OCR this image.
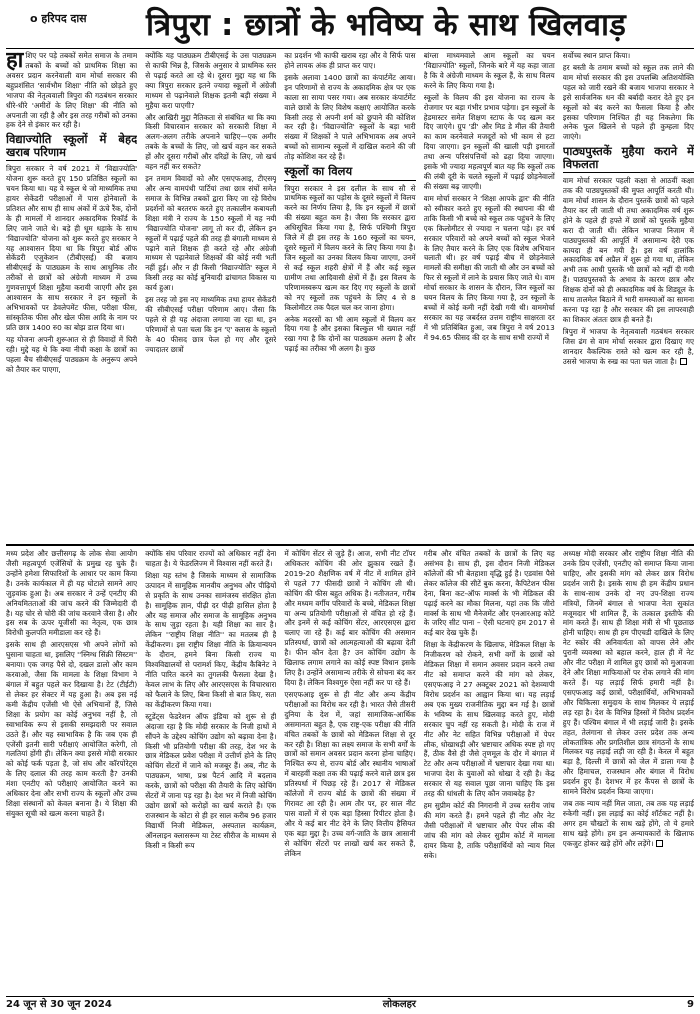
ο हरिपद दास	त्रिपुरा : छात्रों के भविष्य के साथ खिलवाड़
हा शिए पर पड़े तबकों समेत समाज के तमाम तबकों के बच्चों को प्राथमिक शिक्षा का अवसर प्रदान करनेवाली वाम मोर्चा सरकार की बहुप्रशंसित 'सार्वभौम शिक्षा' नीति को छोड़ते हुए भाजपा की नेतृत्ववाली त्रिपुरा की गठबंधन सरकार धीरे-धीरे 'अमीरों के लिए शिक्षा' की नीति को अपनाती जा रही है और इस तरह गरीबों को उनका हक देने से इंकार कर रही है।

विद्याज्योति स्कूलों में बेहद खराब परिणाम

त्रिपुरा सरकार ने वर्ष 2021 में 'विद्याज्योति' योजना शुरू करते हुए 150 प्रतिष्ठित स्कूलों का चयन किया था। यह वे स्कूल थे जो माध्यमिक तथा हायर सेकेंडरी परीक्षाओं में पास होनेवालों के प्रतिशत और साथ ही साथ अंकों में ऊंचे रैंक, दोनों के ही मामलों में शानदार अकादमिक रिकॉर्ड के लिए जाने जाते थे। बड़े ही धूम धड़ाके के साथ 'विद्याज्योति' योजना को शुरू करते हुए सरकार ने यह आश्वासन दिया था कि त्रिपुरा बोर्ड ऑफ सेकेंडरी एजुकेशन (टीबीएसई) की बजाय सीबीएसई के पाठ्यक्रम के साथ आधुनिक तौर तरीकों से छात्रों को अंग्रेजी माध्यम में उच्च गुणवत्तापूर्ण शिक्षा मुहैया करायी जाएगी और इस आश्वासन के साथ सरकार ने इन स्कूलों के अभिभावकों पर डेवलेपमेंट फीस, परीक्षा फीस, सांस्कृतिक फीस और खेल फीस आदि के नाम पर प्रति छात्र 1400 रु0 का बोझ डाल दिया था।

यह योजना अपनी शुरूआत से ही विवादों में घिरी रही। मुद्दे यह थे कि क्या नीची कक्षा के छात्रों का पहला बैच सीबीएसई पाठ्यक्रम के अनुरूप अपने को तैयार कर पाएगा,

क्योंकि यह पाठ्यक्रम टीबीएसई के उस पाठ्यक्रम से काफी भिन्न है, जिसके अनुसार वे प्राथमिक स्तर से पढ़ाई करते आ रहे थे। दूसरा मुद्दा यह था कि क्या त्रिपुरा सरकार इतने ज्यादा स्कूलों में अंग्रेजी माध्यम से पढ़ानेवाले शिक्षक इतनी बड़ी संख्या में मुहैया करा पाएगी?

और आखिरी मुद्दा नैतिकता से संबंधित था कि क्या किसी विचारवान सरकार को सरकारी शिक्षा में अलग-अलग तरीके अपनाने चाहिए—एक अमीर तबके के बच्चों के लिए, जो खर्च वहन कर सकते हों और दूसरा गरीबों और दरिद्रों के लिए, जो खर्च वहन नहीं कर सकते?

इन तमाम विवादों को और एसएफआइ, टीएसयू और अन्य वामपंथी पार्टियां तथा छात्र संघों समेत समाज के विभिन्न तबकों द्वारा किए जा रहे विरोध प्रदर्शनों को बरतरफ करते हुए तत्कालीन कबायली शिक्षा मंत्री ने राज्य के 150 स्कूलों में यह नयी 'विद्याज्योति योजना' लागू तो कर दी, लेकिन इन स्कूलों में पढ़ाई पहले की तरह ही बंगाली माध्यम से पढ़ाने वाले शिक्षक ही करते रहे और अंग्रेजी माध्यम से पढ़ानेवाले शिक्षकों की कोई नयी भर्ती नहीं हुई। और न ही किसी 'विद्याज्योति' स्कूल में किसी तरह का कोई बुनियादी ढांचागत विकास या कार्य हुआ।

इस तरह जो इस नए माध्यमिक तथा हायर सेकेंडरी की सीबीएसई परीक्षा परिणाम आए। जैसा कि पहले से ही यह अंदाजा लगाया जा रहा था, इन परिणामों से पता चला कि इन 'ए' क्लास के स्कूलों के 40 फीसद छात्र फेल हो गए और दूसरे ज्यादातर छात्रों

का प्रदर्शन भी काफी खराब रहा और वे सिर्फ पास होने लायक अंक ही प्राप्त कर पाए।

इसके अलावा 1400 छात्रों का कंपार्टमेंट आया। इन परिणामों से राज्य के अकादमिक क्षेत्र पर एक काला सा साया पसर गया। अब सरकार कंपार्टमेंट वाले छात्रों के लिए विशेष कक्षाएं आयोजित करके किसी तरह से अपनी शर्म को छुपाने की कोशिश कर रही है। 'विद्याज्योति' स्कूलों के बड़ा भारी संख्या में शिक्षकों ने पाले अभिभावक अब अपने बच्चों को सामान्य स्कूलों में दाखिल कराने की जी तोड़ कोशिश कर रहे हैं।

स्कूलों का विलय

त्रिपुरा सरकार ने इस दलील के साथ सौ से प्राथमिक स्कूलों का पड़ोस के दूसरे स्कूलों में विलय करने का निर्णय लिया है, कि इन स्कूलों में छात्रों की संख्या बहुत कम है। जैसा कि सरकार द्वारा अधिसूचित किया गया है, सिर्फ पश्चिमी त्रिपुरा जिले में ही इस तरह के 160 स्कूलों का चयन, दूसरे स्कूलों में विलय करने के लिए किया गया है। जिन स्कूलों का उनका विलय किया जाएगा, उनमें से कई स्कूल शहरी क्षेत्रों में हैं और कई स्कूल ग्रामीण तथा आदिवासी क्षेत्रों में हैं। इस विलय के परिणामस्वरूप खत्म कर दिए गए स्कूलों के छात्रों को नए स्कूलों तक पहुंचने के लिए 4 से 8 किलोमीटर तक पैदल चल कर जाना होगा।

अनेक मदरसों का भी आम स्कूलों में विलय कर दिया गया है और इसका बिल्कुल भी ख्याल नहीं रखा गया है कि दोनों का पाठ्यक्रम अलग है और पढ़ाई का तरीका भी अलग है। कुछ

बांग्ला माध्यमवाले आम स्कूलों का चयन 'विद्याज्योति' स्कूलों, जिनके बारे में यह कहा जाता है कि वे अंग्रेजी माध्यम के स्कूल हैं, के साथ विलय करने के लिए किया गया है।

स्कूलों के विलय की इस योजना का राज्य के रोजगार पर बड़ा गंभीर प्रभाव पड़ेगा। इन स्कूलों के हेडमास्टर समेत शिक्षण स्टाफ के पद खत्म कर दिए जाएंगे। ग्रुप 'डी' और मिड डे मील की तैयारी का काम करनेवाले मजदूरों को भी काम से हटा दिया जाएगा। इन स्कूलों की खाली पड़ी इमारतों तथा अन्य परिसंपत्तियों को ढहा दिया जाएगा। इसके भी ज्यादा महत्वपूर्ण बात यह कि स्कूलों तक की लंबी दूरी के चलते स्कूलों में पढ़ाई छोड़नेवालों की संख्या बढ़ जाएगी।

वाम मोर्चा सरकार ने 'शिक्षा आपके द्वार' की नीति को स्वीकार करते हुए स्कूलों की स्थापना की थी ताकि किसी भी बच्चे को स्कूल तक पहुंचने के लिए एक किलोमीटर से ज्यादा न चलना पड़े। हर वर्ष सरकार परिवारों को अपने बच्चों को स्कूल भेजने के लिए तैयार करने के लिए एक विशेष अभियान चलाती थी। हर वर्ष पढ़ाई बीच में छोड़नेवाले मामलों की समीक्षा की जाती थी और उन बच्चों को फिर से स्कूलों में लाने के प्रयास किए जाते थे। वाम मोर्चा सरकार के शासन के दौरान, जिन स्कूलों का चयन विलय के लिए किया गया है, उन स्कूलों के बच्चों में कोई कमी नहीं देखी गयी थी। वाममोर्चा सरकार का यह जबर्दस्त उत्तम राष्ट्रीय साक्षरता दर में भी प्रतिबिंबित हुआ, जब त्रिपुरा ने वर्ष 2013 में 94.65 फीसद की दर के साथ सभी राज्यों में

सर्वोच्च स्थान प्राप्त किया।

हर बस्ती के तमाम बच्चों को स्कूल तक लाने की वाम मोर्चा सरकार की इस उपलब्धि अतिशयोक्ति पहल को जारी रखने की बजाय भाजपा सरकार ने इसे सार्वजनिक धन की बर्बादी करार देते हुए इन स्कूलों को बंद करने का फैसला किया है और इसका परिणाम निश्चित ही यह निकलेगा कि अनेक फूल खिलने से पहले ही कुम्हला दिए जाएंगे।

पाठ्यपुस्तकें मुहैया कराने में विफलता

वाम मोर्चा सरकार पहली कक्षा से आठवीं कक्षा तक की पाठ्यपुस्तकों की मुफ्त आपूर्ति करती थी। वाम मोर्चा शासन के दौरान पुस्तकें छात्रों को पहले तैयार कर ली जाती थी तथा अकादमिक वर्ष शुरू होने के पहले ही हफ्ते में छात्रों को पुस्तकें मुहैया करा दी जाती थीं। लेकिन भाजपा निजाम में पाठ्यपुस्तकों की आपूर्ति में असामान्य देरी एक कायदा ही बन गयी है। इस वर्ष हालांकि अकादमिक वर्ष अप्रैल में शुरू हो गया था, लेकिन अभी तक आधी पुस्तकें भी छात्रों को नहीं दी गयी हैं। पाठ्यपुस्तकों के अभाव के कारण छात्र और शिक्षक दोनों को ही अकादमिक वर्ष के शिड्यूल के साथ तालमेल बिठाने में भारी समस्याओं का सामना करना पड़ रहा है और सरकार की इस लापरवाही का शिकार अंततः छात्र ही बनते हैं।

त्रिपुरा में भाजपा के नेतृत्ववाली गठबंधन सरकार जिस ढंग से वाम मोर्चा सरकार द्वारा दिखाए गए शानदार वैकल्पिक रास्ते को खत्म कर रही है, उससे भाजपा के रुख का पता चल जाता है।

मध्य प्रदेश और छत्तीसगढ़ के लोक सेवा आयोग जैसी महत्वपूर्ण एजेंसियों के प्रमुख रह चुके हैं। उन्होंने हमेशा सिफारिशों के आधार पर काम किया है। उनके कार्यकाल में ही यह घोटाले सामने आए जुड़वांक हुआ है। अब सरकार ने उन्हें एनटीए की अनियमितताओं की जांच करने की जिम्मेदारी दी है। यह चोर से चोरी की जांच करवाने जैसा है। और इस सब के ऊपर यूजीसी का नेतृत्व, एक छात्र विरोधी कुलपति ममीडाला कर रहे हैं।

इसके साथ ही आरएसएस भी अपने लोगों को घुसाना चाहता था, इसलिए ''स्निग्ध सिंक्री सिस्टम'' बनाया। एक जगह पैसे दो, दखल डालो और काम करवाओ, जैसा कि मामला के शिक्षा विभाग ने बंगाल में बहुत पहले कर दिखाया है। टेट (टीईटी) से लेकर हर सेक्टर में यह हुआ है। अब इस नई कमी केंद्रीय एजेंसी भी ऐसे अभियानों हैं, जिसे शिक्षा के प्रयोग का कोई अनुभव नहीं है, तो स्वाभाविक रूप से इसकी समझदारी पर सवाल उठते हैं। और यह स्वाभाविक है कि जब एक ही एजेंसी इतनी सारी परीक्षाएं आयोजित करेगी, तो गलतियां होंगी ही। लेकिन क्या इससे मोदी सरकार को कोई फर्क पड़ता है, जो संघ और कॉरपोरेट्स के लिए दलाल की तरह काम करती है? उनकी मंशा एनटीए को परीक्षाएं आयोजित करने का अधिकार देना और सभी राज्य के स्कूलों और उच्च शिक्षा संस्थानों को केवल बनाना है। ये शिक्षा की संयुक्त सूची को खत्म करना चाहते हैं।

क्योंकि संघ परिवार राज्यों को अधिकार नहीं देना चाहता है। ये फेडरलिज्म में विश्वास नहीं करते हैं।

शिक्षा यह स्तंभ है जिसके माध्यम से सामाजिक उत्पादन में सामूहिक मानवीय अनुभव और पीढ़ियों से प्रकृति के साथ उनका सामंजस्य संरक्षित होता है। सामूहिक ज्ञान, पीढ़ी दर पीढ़ी हासिल होता है और यह समाज और समाज के सामूहिक अनुभव के साथ जुड़ा रहता है। यही शिक्षा का सार है। लेकिन ''राष्ट्रीय शिक्षा नीति'' का मतलब ही है केंद्रीकरण। इस राष्ट्रीय शिक्षा नीति के क्रियान्वयन के दौरान, हमने बिना किसी राज्य या विश्वविद्यालयों से परामर्श किए, केंद्रीय कैबिनेट ने नीति पारित करने का तुगलकी फैसला देखा है। केवल लाभ के लिए और आरएसएस के विचारधारा को फैलाने के लिए, बिना किसी से बात किए, सता का केंद्रीकरण किया गया।

स्टूडेंट्स फेडरेशन ऑफ इंडिया को शुरू से ही अंदाजा रहा है कि मोदी सरकार के निजी हाथों में सौंपने के उद्देश्य कोचिंग उद्योग को बढ़ावा देना है। किसी भी प्रतियोगी परीक्षा की तरह, देश भर के छात्र मेडिकल प्रवेश परीक्षा में उत्तीर्ण होने के लिए कोचिंग सेंटरों में जाने को मजबूर हैं। अब, नीट के पाठ्यक्रम, भाषा, प्रश्न पैटर्न आदि में बदलाव करके, छात्रों को परीक्षा की तैयारी के लिए कोचिंग सेंटरों में जाना पड़ रहा है। देश भर में निजी कोचिंग उद्योग छात्रों को करोड़ों का खर्च कराते हैं। एक राजस्थान के कोटा से ही हर साल करीब 96 हजार विद्यार्थी निजी मेडिकल, अस्पताल कार्यक्रम, ऑनलाइन क्लासरूम या टेस्ट सीरीज के माध्यम से किसी न किसी रूप

में कोचिंग सेंटर से जुड़े हैं। आज, सभी नीट टॉपर अधिकतर कोचिंग की ओर झुकाव रखते हैं। 2019-20 शैक्षणिक वर्ष में नीट में शामिल होने से पहले 77 फीसदी छात्रों ने कोचिंग ली थी। कोचिंग की फीस बहुत अधिक है। नतीजतन, गरीब और मध्यम वर्गीय परिवारों के बच्चे, मेडिकल शिक्षा या अन्य प्रतियोगी परीक्षाओं से वंचित हो रहे हैं। और इनमें से कई कोचिंग सेंटर, आरएसएस द्वारा चलाए जा रहे हैं। कई बार कोचिंग की असमान प्रतिस्पर्धा, छात्रों को आत्महत्याओं की बढ़ावा देती है। फीन कौन देता है? उन कोचिंग उद्योग के खिलाफ लगाम लगाने का कोई स्पष्ट विधान इसके लिए है। उन्होंने असामान्य तरीके से सोचना बंद कर दिया है। लेकिन विश्वगुरु ऐसा नहीं कर पा रहे हैं।

एसएफआइ शुरू से ही नीट और अन्य केंद्रीय परीक्षाओं का विरोध कर रही है। भारत जैसे तीसरी दुनिया के देश में, जहां सामाजिक-आर्थिक असमानता बहुत है, एक राष्ट्र-एक परीक्षा की नीति वंचित तबकों के छात्रों को मेडिकल शिक्षा से दूर कर रही है। शिक्षा का लक्ष्य समाज के सभी वर्गों के छात्रों को समान अवसर प्रदान करना होना चाहिए। निश्चित रूप से, राज्य बोर्ड और स्थानीय भाषाओं में बारहवीं कक्षा तक की पढ़ाई करने वाले छात्र इस प्रतिस्पर्धा में पिछड़ रहे हैं। 2017 से मेडिकल कॉलेजों में राज्य बोर्ड के छात्रों की संख्या में गिरावट आ रही है। आम तौर पर, हर साल नीट पास वालों में से एक बड़ा हिस्सा रिपीटर होता है। और ये कई बार नीट देने के लिए वित्तीय हैसियत एक बड़ा मुद्दा है। उच्च वर्ग-जाति के छात्र आसानी से कोचिंग सेंटरों पर लाखों खर्च कर सकते हैं, लेकिन

गरीब और वंचित तबकों के छात्रों के लिए यह असंभव है। साथ ही, इस दौरान निजी मेडिकल कॉलेजों की भी बेतहाशा वृद्धि हुई है। एडवांस पैसे लेकर कॉलेज की सीटें बुक करना, कैपिटेशन फीस देना, बिना कट-ऑफ मार्क्स के भी मेडिकल की पढ़ाई करने का मौका मिलना, यहां तक कि जीरो मार्क्स के साथ भी मैनेजमेंट और एनआरआइ कोटे के जरिए सीट पाना – ऐसी घटनाएं हम 2017 से कई बार देख चुके हैं।

शिक्षा के केंद्रीकरण के खिलाफ, मेडिकल शिक्षा के निजीकरण को रोकने, सभी वर्गों के छात्रों को मेडिकल शिक्षा में समान अवसर प्रदान करने तथा नीट को समाप्त करने की मांग को लेकर, एसएफआइ ने 27 अक्टूबर 2021 को देशव्यापी विरोध प्रदर्शन का आह्वान किया था। यह लड़ाई अब एक मुख्य राजनीतिक मुद्दा बन गई है। छात्रों के भविष्य के साथ खिलवाड़ करते हुए, मोदी सरकार चुप नहीं रह सकती है। मोदी के राज में नीट और नेट सहित विभिन्न परीक्षाओं में पेपर लीक, धोखाधड़ी और भ्रष्टाचार अधिक स्पष्ट हो गए हैं, ठीक वैसे ही जैसे तृणमूल के दौर में बंगाल में टेट और अन्य परीक्षाओं में भ्रष्टाचार देखा गया था। भाजपा देश के युवाओं को धोखा दे रही है। केंद्र सरकार से यह सवाल पूछा जाना चाहिए कि इस तरह की धांधली के लिए कौन जवाबदेह है?

हम सुप्रीम कोर्ट की निगरानी में उच्च स्तरीय जांच की मांग करते हैं। हमने पहले ही नीट और नेट जैसी परीक्षाओं में भ्रष्टाचार और पेपर लीक की जांच की मांग को लेकर सुप्रीम कोर्ट में मामला दायर किया है, ताकि परीक्षार्थियों को न्याय मिल सके।

अध्यक्ष मोदी सरकार और राष्ट्रीय शिक्षा नीति की उनके प्रिय एजेंसी, एनटीए को समाप्त किया जाना चाहिए, और इसकी मांग को लेकर छात्र विरोध प्रदर्शन जारी है। इसके साथ ही हम केंद्रीय प्रधान के साथ-साथ उनके दो नए उप-शिक्षा राज्य मंत्रियों, जिनमें बंगाल से भाजपा नेता सुकांत मजूमदार भी शामिल हैं, के तत्काल इस्तीफे की मांग करते हैं। साथ ही शिक्षा मंत्री से भी पूछताछ होनी चाहिए। साथ ही हम पीएचडी दाखिले के लिए नेट स्कोर की अनिवार्यता को वापस लेने और पुरानी व्यवस्था को बहाल करने, हाल ही में नेट और नीट परीक्षा में शामिल हुए छात्रों को मुआवजा देने और शिक्षा माफियाओं पर रोक लगाने की मांग करते हैं। यह लड़ाई सिर्फ हमारी नहीं है। एसएफआइ कई छात्रों, परीक्षार्थियों, अभिभावकों और चिकित्सा समुदाय के साथ मिलकर ये लड़ाई लड़ रहा है। देश के विभिन्न हिस्सों में विरोध प्रदर्शन हुए हैं। पश्चिम बंगाल में भी लड़ाई जारी है। इसके तहत, तेलंगाना से लेकर उत्तर प्रदेश तक अन्य लोकतांत्रिक और प्रगतिशील छात्र संगठनों के साथ मिलकर यह लड़ाई लड़ी जा रही है। केरल में बहुत बड़ा है, दिल्ली में छात्रों को जेल में डाला गया है और हिमाचल, राजस्थान और बंगाल में विरोध प्रदर्शन हुए हैं। देशभर में हर कैंपस से छात्रों के सामने विरोध प्रदर्शन किया जाएगा।

जब तक न्याय नहीं मिल जाता, तब तक यह लड़ाई रुकेगी नहीं। इस लड़ाई का कोई शॉर्टकट नहीं है। अगर हम चौखटों के साथ खड़े होंगे, तो ये हमारे साथ खड़े होंगे। हम इन अन्यायकारों के खिलाफ एकजुट होकर खड़े होंगे और लड़ेंगे।

24 जून से 30 जून 2024	लोकलहर	9
